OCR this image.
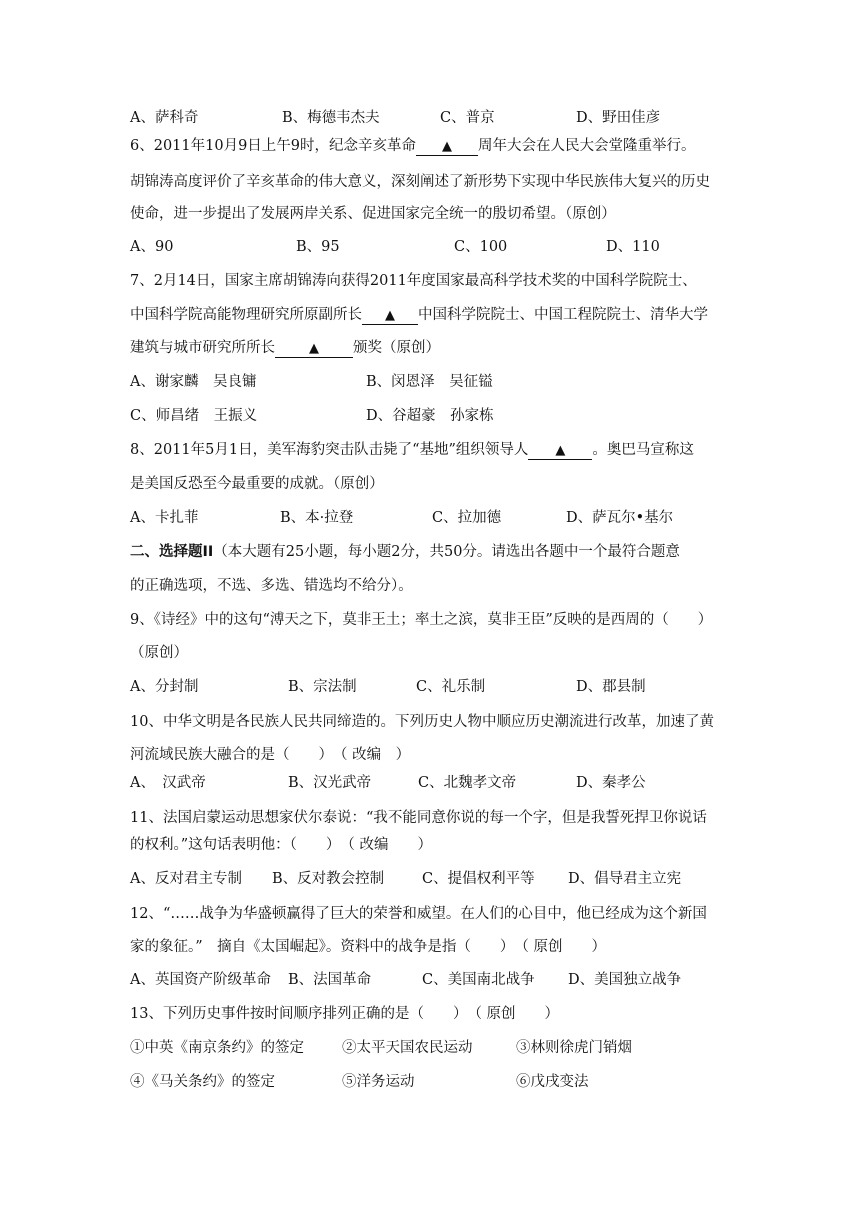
A、萨科奇	B、梅德韦杰夫	C、普京	D、野田佳彦
6、2011年10月9日上午9时，纪念辛亥革命 ▲ 周年大会在人民大会堂隆重举行。
胡锦涛高度评价了辛亥革命的伟大意义，深刻阐述了新形势下实现中华民族伟大复兴的历史
使命，进一步提出了发展两岸关系、促进国家完全统一的殷切希望。（原创）
A、90	B、95	C、100	D、110
7、2月14日，国家主席胡锦涛向获得2011年度国家最高科学技术奖的中国科学院院士、
中国科学院高能物理研究所原副所长 ▲ 中国科学院院士、中国工程院院士、清华大学
建筑与城市研究所所长	▲ 颁奖（原创）
A、谢家麟　吴良镛	B、闵恩泽　吴征镒
C、师昌绪　王振义	D、谷超豪　孙家栋
8、2011年5月1日，美军海豹突击队击毙了“基地”组织领导人 ▲ 。奥巴马宣称这
是美国反恐至今最重要的成就。（原创）
A、卡扎菲	B、本·拉登	C、拉加德	D、萨瓦尔•基尔
二、选择题II（本大题有25小题，每小题2分，共50分。请选出各题中一个最符合题意
的正确选项，不选、多选、错选均不给分）。
9、《诗经》中的这句“溥天之下，莫非王土；率土之滨，莫非王臣”反映的是西周的（　　）
（原创）
A、分封制	B、宗法制	C、礼乐制	D、郡县制
10、中华文明是各民族人民共同缔造的。下列历史人物中顺应历史潮流进行改革，加速了黄
河流域民族大融合的是（　　）　（ 改编　）
A、　汉武帝	B、汉光武帝	C、北魏孝文帝	D、秦孝公
11、法国启蒙运动思想家伏尔泰说：“我不能同意你说的每一个字，但是我誓死捍卫你说话
的权利。”这句话表明他：（　　）　（ 改编　　）
A、反对君主专制 B、反对教会控制	C、提倡权利平等 D、倡导君主立宪
12、“……战争为华盛顿赢得了巨大的荣誉和威望。在人们的心目中，他已经成为这个新国
家的象征。”　摘自《太国崛起》。资料中的战争是指（　　）　（ 原创　　）
A、英国资产阶级革命 B、法国革命	C、美国南北战争 D、美国独立战争
13、下列历史事件按时间顺序排列正确的是（　　）　（ 原创　　）
①中英《南京条约》的签定	②太平天国农民运动	③林则徐虎门销烟
④《马关条约》的签定	⑤洋务运动	⑥戊戌变法
